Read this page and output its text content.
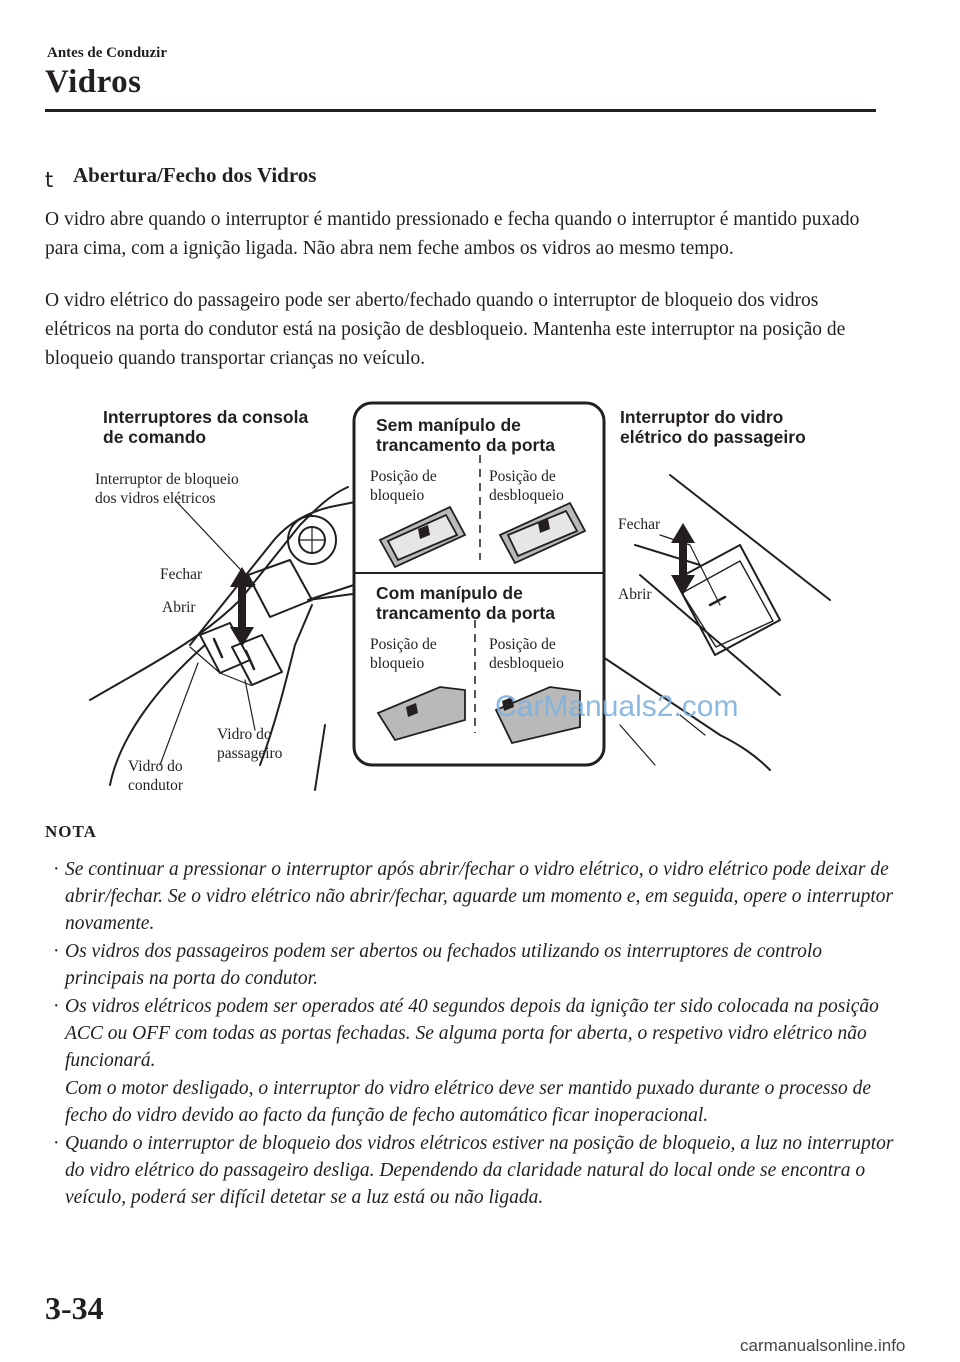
Antes de Conduzir
Vidros
t Abertura/Fecho dos Vidros
O vidro abre quando o interruptor é mantido pressionado e fecha quando o interruptor é mantido puxado para cima, com a ignição ligada. Não abra nem feche ambos os vidros ao mesmo tempo.
O vidro elétrico do passageiro pode ser aberto/fechado quando o interruptor de bloqueio dos vidros elétricos na porta do condutor está na posição de desbloqueio. Mantenha este interruptor na posição de bloqueio quando transportar crianças no veículo.
Interruptores da consola
de comando
Interruptor de bloqueio
dos vidros elétricos
Fechar
Abrir
Vidro do
condutor
Vidro do
passageiro
Sem manípulo de
trancamento da porta
Posição de
bloqueio
Posição de
desbloqueio
Com manípulo de
trancamento da porta
Posição de
bloqueio
Posição de
desbloqueio
Interruptor do vidro
elétrico do passageiro
Fechar
Abrir
CarManuals2.com
NOTA
· Se continuar a pressionar o interruptor após abrir/fechar o vidro elétrico, o vidro elétrico pode deixar de abrir/fechar. Se o vidro elétrico não abrir/fechar, aguarde um momento e, em seguida, opere o interruptor novamente.
· Os vidros dos passageiros podem ser abertos ou fechados utilizando os interruptores de controlo principais na porta do condutor.
· Os vidros elétricos podem ser operados até 40 segundos depois da ignição ter sido colocada na posição ACC ou OFF com todas as portas fechadas. Se alguma porta for aberta, o respetivo vidro elétrico não funcionará.
Com o motor desligado, o interruptor do vidro elétrico deve ser mantido puxado durante o processo de fecho do vidro devido ao facto da função de fecho automático ficar inoperacional.
· Quando o interruptor de bloqueio dos vidros elétricos estiver na posição de bloqueio, a luz no interruptor do vidro elétrico do passageiro desliga. Dependendo da claridade natural do local onde se encontra o veículo, poderá ser difícil detetar se a luz está ou não ligada.
3-34
carmanualsonline.info
